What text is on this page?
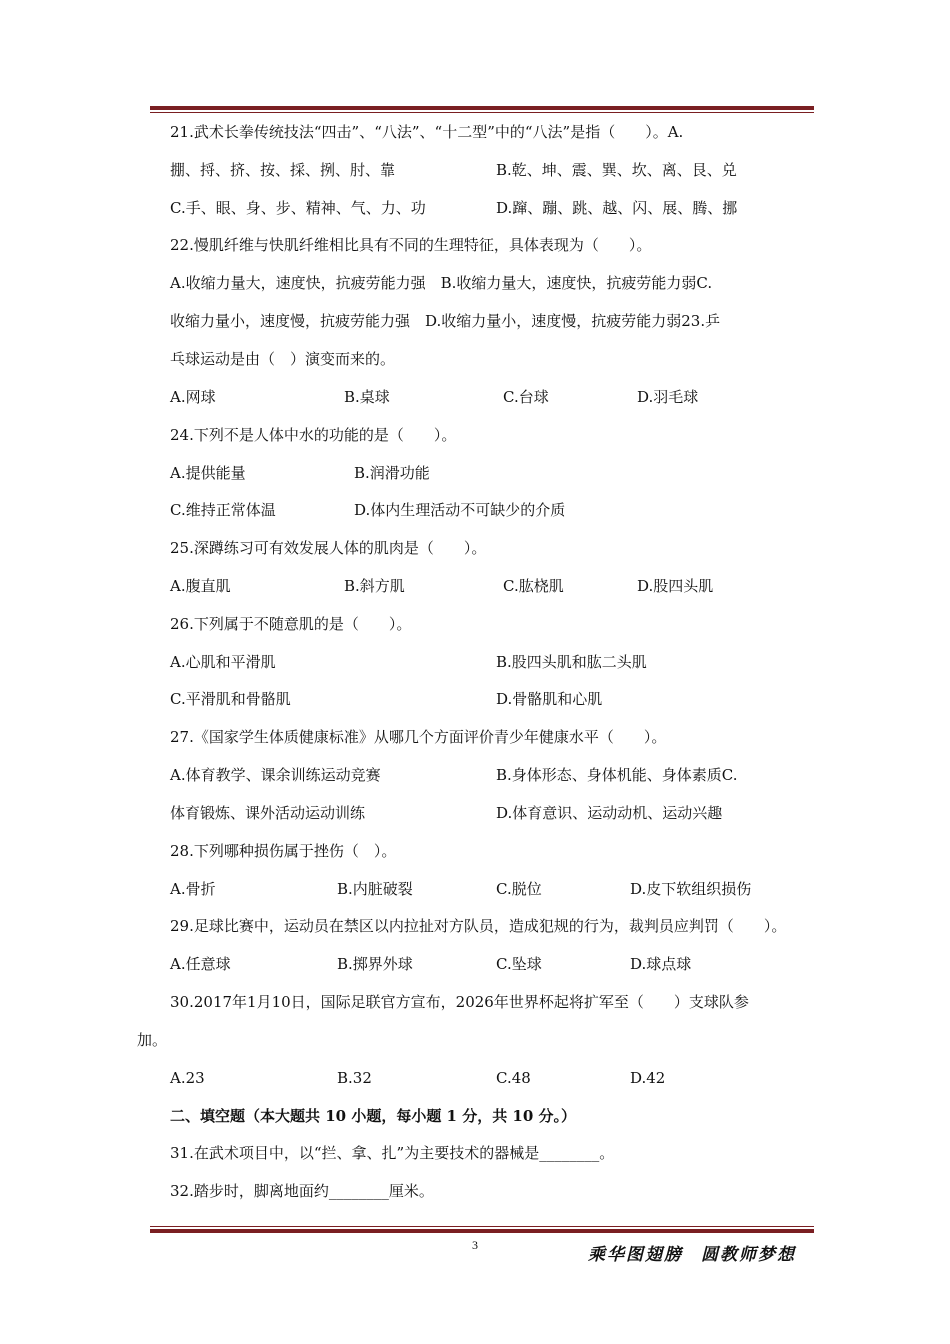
21.武术长拳传统技法“四击”、“八法”、“十二型”中的“八法”是指（　　）。A.
掤、捋、挤、按、採、挒、肘、靠	B.乾、坤、震、巽、坎、离、艮、兑
C.手、眼、身、步、精神、气、力、功	D.蹿、蹦、跳、越、闪、展、腾、挪
22.慢肌纤维与快肌纤维相比具有不同的生理特征，具体表现为（　　）。
A.收缩力量大，速度快，抗疲劳能力强　B.收缩力量大，速度快，抗疲劳能力弱C.
收缩力量小，速度慢，抗疲劳能力强　D.收缩力量小，速度慢，抗疲劳能力弱23.乒
乓球运动是由（　）演变而来的。
A.网球	B.桌球	C.台球	D.羽毛球
24.下列不是人体中水的功能的是（　　）。
A.提供能量	B.润滑功能
C.维持正常体温	D.体内生理活动不可缺少的介质
25.深蹲练习可有效发展人体的肌肉是（　　）。
A.腹直肌	B.斜方肌	C.肱桡肌	D.股四头肌
26.下列属于不随意肌的是（　　）。
A.心肌和平滑肌	B.股四头肌和肱二头肌
C.平滑肌和骨骼肌	D.骨骼肌和心肌
27.《国家学生体质健康标准》从哪几个方面评价青少年健康水平（　　）。
A.体育教学、课余训练运动竞赛	B.身体形态、身体机能、身体素质C.
体育锻炼、课外活动运动训练	D.体育意识、运动动机、运动兴趣
28.下列哪种损伤属于挫伤（　）。
A.骨折	B.内脏破裂	C.脱位	D.皮下软组织损伤
29.足球比赛中，运动员在禁区以内拉扯对方队员，造成犯规的行为，裁判员应判罚（　　）。
A.任意球	B.掷界外球	C.坠球	D.球点球
30.2017年1月10日，国际足联官方宣布，2026年世界杯起将扩军至（　　）支球队参
加。
A.23	B.32	C.48	D.42
二、填空题（本大题共 10 小题，每小题 1 分，共 10 分。）
31.在武术项目中，以“拦、拿、扎”为主要技术的器械是________。
32.踏步时，脚离地面约________厘米。
3	乘华图翅膀 圆教师梦想
